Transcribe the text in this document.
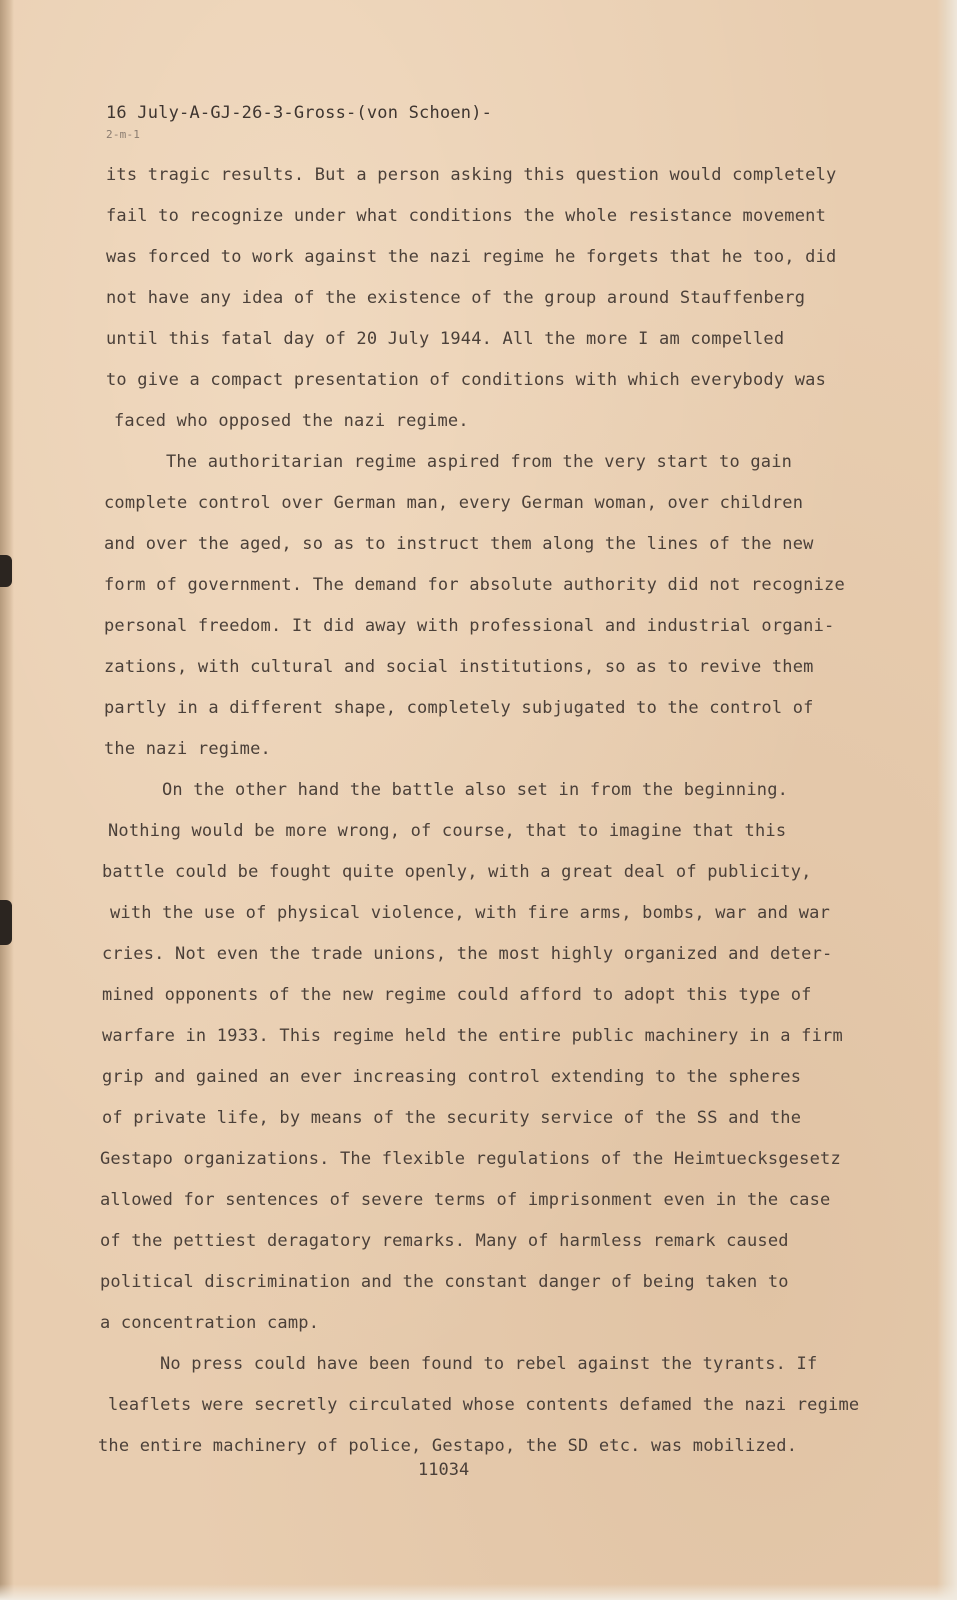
16 July-A-GJ-26-3-Gross-(von Schoen)-
2-m-1
its tragic results. But a person asking this question would completely
fail to recognize under what conditions the whole resistance movement
was forced to work against the nazi regime he forgets that he too, did
not have any idea of the existence of the group around Stauffenberg
until this fatal day of 20 July 1944. All the more I am compelled
to give a compact presentation of conditions with which everybody was
faced who opposed the nazi regime.
The authoritarian regime aspired from the very start to gain
complete control over German man, every German woman, over children
and over the aged, so as to instruct them along the lines of the new
form of government. The demand for absolute authority did not recognize
personal freedom. It did away with professional and industrial organi-
zations, with cultural and social institutions, so as to revive them
partly in a different shape, completely subjugated to the control of
the nazi regime.
On the other hand the battle also set in from the beginning.
Nothing would be more wrong, of course, that to imagine that this
battle could be fought quite openly, with a great deal of publicity,
with the use of physical violence, with fire arms, bombs, war and war
cries. Not even the trade unions, the most highly organized and deter-
mined opponents of the new regime could afford to adopt this type of
warfare in 1933. This regime held the entire public machinery in a firm
grip and gained an ever increasing control extending to the spheres
of private life, by means of the security service of the SS and the
Gestapo organizations. The flexible regulations of the Heimtuecksgesetz
allowed for sentences of severe terms of imprisonment even in the case
of the pettiest deragatory remarks. Many of harmless remark caused
political discrimination and the constant danger of being taken to
a concentration camp.
No press could have been found to rebel against the tyrants. If
leaflets were secretly circulated whose contents defamed the nazi regime
the entire machinery of police, Gestapo, the SD etc. was mobilized.
11034
